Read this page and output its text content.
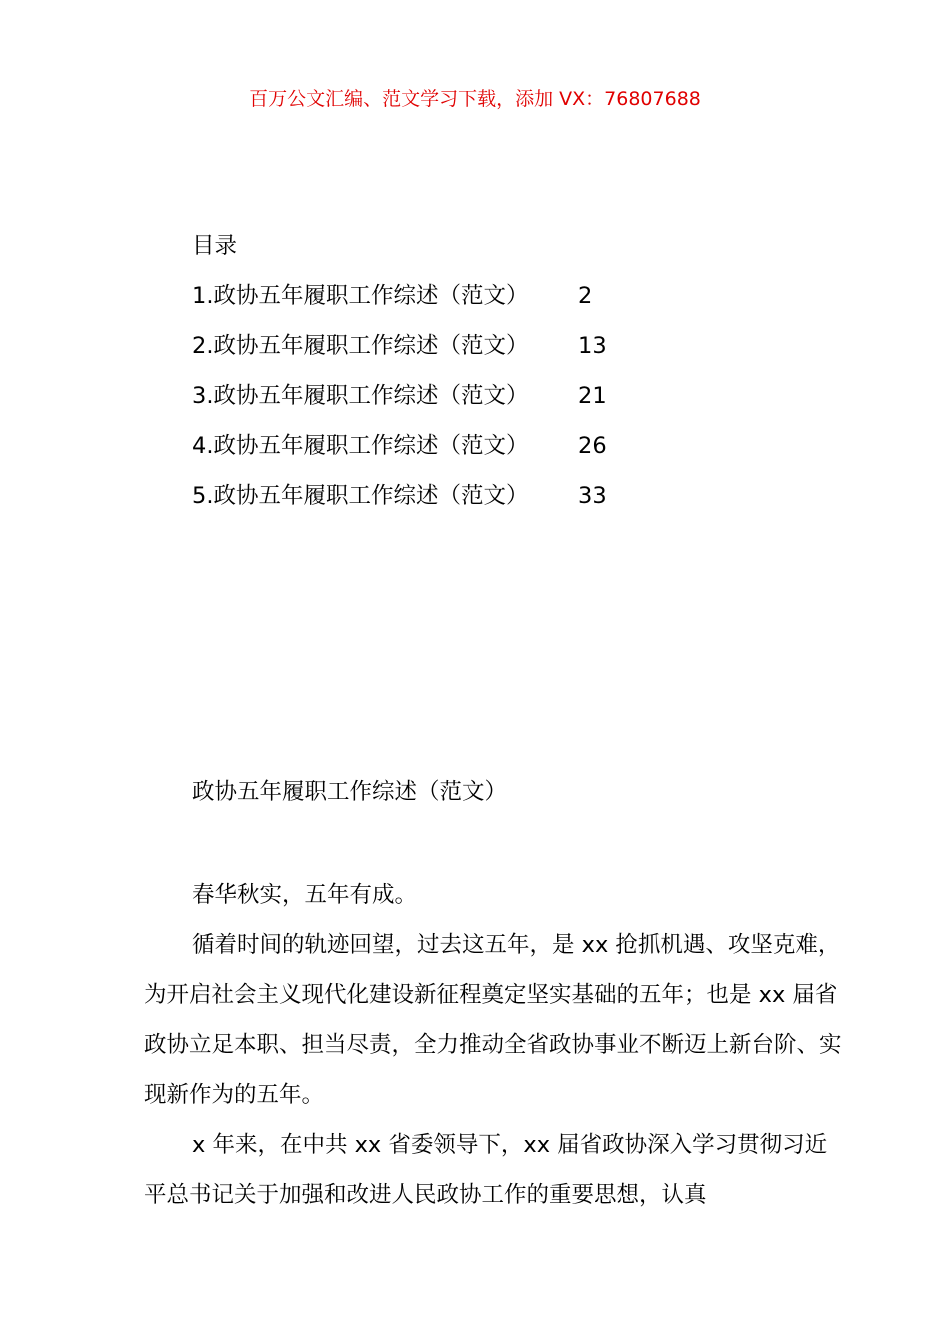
百万公文汇编、范文学习下载，添加 VX：76807688
目录
1.政协五年履职工作综述（范文） 2
2.政协五年履职工作综述（范文） 13
3.政协五年履职工作综述（范文） 21
4.政协五年履职工作综述（范文） 26
5.政协五年履职工作综述（范文） 33
政协五年履职工作综述（范文）

春华秋实，五年有成。

循着时间的轨迹回望，过去这五年，是 xx 抢抓机遇、攻坚克难，为开启社会主义现代化建设新征程奠定坚实基础的五年；也是 xx 届省政协立足本职、担当尽责，全力推动全省政协事业不断迈上新台阶、实现新作为的五年。

x 年来，在中共 xx 省委领导下，xx 届省政协深入学习贯彻习近平总书记关于加强和改进人民政协工作的重要思想，认真
